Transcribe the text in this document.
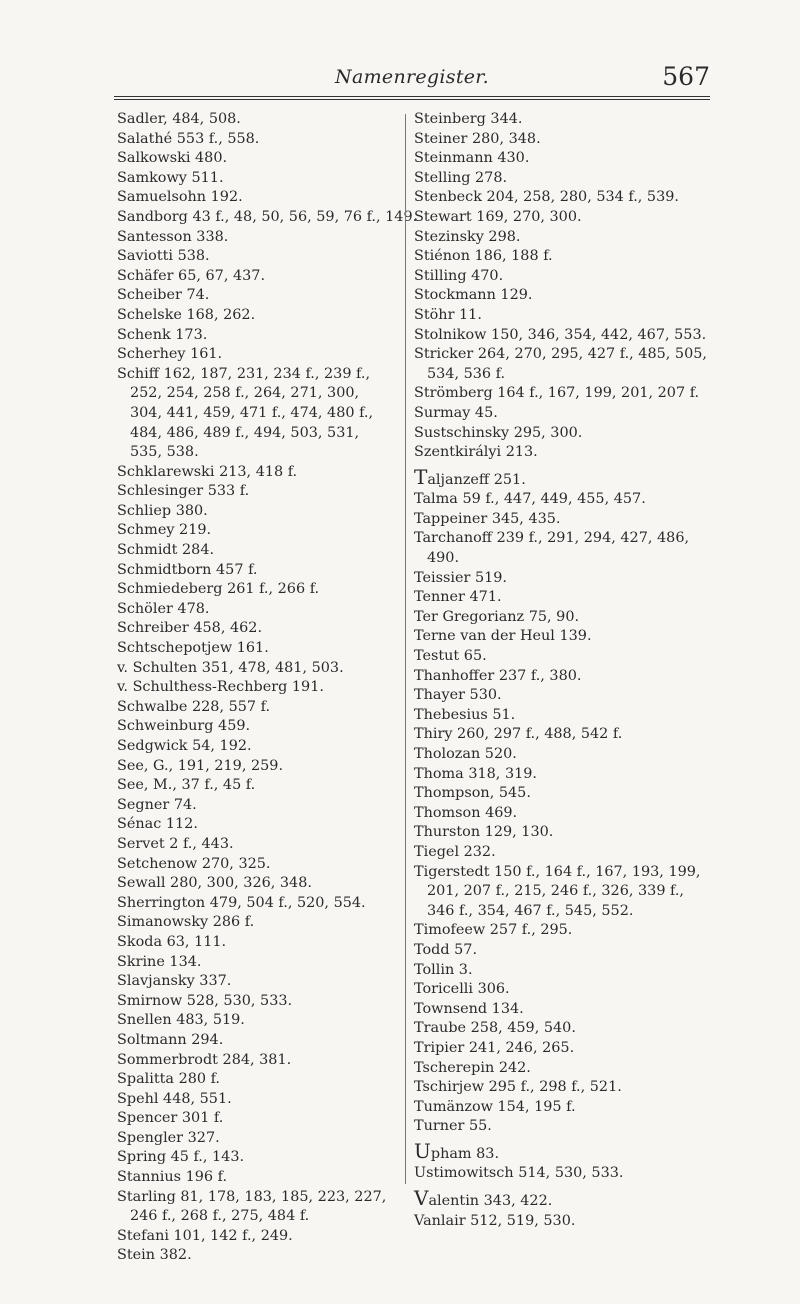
Namenregister.	567
Sadler, 484, 508.
Salathé 553 f., 558.
Salkowski 480.
Samkowy 511.
Samuelsohn 192.
Sandborg 43 f., 48, 50, 56, 59, 76 f., 149.
Santesson 338.
Saviotti 538.
Schäfer 65, 67, 437.
Scheiber 74.
Schelske 168, 262.
Schenk 173.
Scherhey 161.
Schiff 162, 187, 231, 234 f., 239 f., 252, 254, 258 f., 264, 271, 300, 304, 441, 459, 471 f., 474, 480 f., 484, 486, 489 f., 494, 503, 531, 535, 538.
Schklarewski 213, 418 f.
Schlesinger 533 f.
Schliep 380.
Schmey 219.
Schmidt 284.
Schmidtborn 457 f.
Schmiedeberg 261 f., 266 f.
Schöler 478.
Schreiber 458, 462.
Schtschepotjew 161.
v. Schulten 351, 478, 481, 503.
v. Schulthess-Rechberg 191.
Schwalbe 228, 557 f.
Schweinburg 459.
Sedgwick 54, 192.
See, G., 191, 219, 259.
See, M., 37 f., 45 f.
Segner 74.
Sénac 112.
Servet 2 f., 443.
Setchenow 270, 325.
Sewall 280, 300, 326, 348.
Sherrington 479, 504 f., 520, 554.
Simanowsky 286 f.
Skoda 63, 111.
Skrine 134.
Slavjansky 337.
Smirnow 528, 530, 533.
Snellen 483, 519.
Soltmann 294.
Sommerbrodt 284, 381.
Spalitta 280 f.
Spehl 448, 551.
Spencer 301 f.
Spengler 327.
Spring 45 f., 143.
Stannius 196 f.
Starling 81, 178, 183, 185, 223, 227, 246 f., 268 f., 275, 484 f.
Stefani 101, 142 f., 249.
Stein 382.
Steinberg 344.
Steiner 280, 348.
Steinmann 430.
Stelling 278.
Stenbeck 204, 258, 280, 534 f., 539.
Stewart 169, 270, 300.
Stezinsky 298.
Stiénon 186, 188 f.
Stilling 470.
Stockmann 129.
Stöhr 11.
Stolnikow 150, 346, 354, 442, 467, 553.
Stricker 264, 270, 295, 427 f., 485, 505, 534, 536 f.
Strömberg 164 f., 167, 199, 201, 207 f.
Surmay 45.
Sustschinsky 295, 300.
Szentkirályi 213.
Taljanzeff 251.
Talma 59 f., 447, 449, 455, 457.
Tappeiner 345, 435.
Tarchanoff 239 f., 291, 294, 427, 486, 490.
Teissier 519.
Tenner 471.
Ter Gregorianz 75, 90.
Terne van der Heul 139.
Testut 65.
Thanhoffer 237 f., 380.
Thayer 530.
Thebesius 51.
Thiry 260, 297 f., 488, 542 f.
Tholozan 520.
Thoma 318, 319.
Thompson, 545.
Thomson 469.
Thurston 129, 130.
Tiegel 232.
Tigerstedt 150 f., 164 f., 167, 193, 199, 201, 207 f., 215, 246 f., 326, 339 f., 346 f., 354, 467 f., 545, 552.
Timofeew 257 f., 295.
Todd 57.
Tollin 3.
Toricelli 306.
Townsend 134.
Traube 258, 459, 540.
Tripier 241, 246, 265.
Tscherepin 242.
Tschirjew 295 f., 298 f., 521.
Tumänzow 154, 195 f.
Turner 55.
Upham 83.
Ustimowitsch 514, 530, 533.
Valentin 343, 422.
Vanlair 512, 519, 530.
